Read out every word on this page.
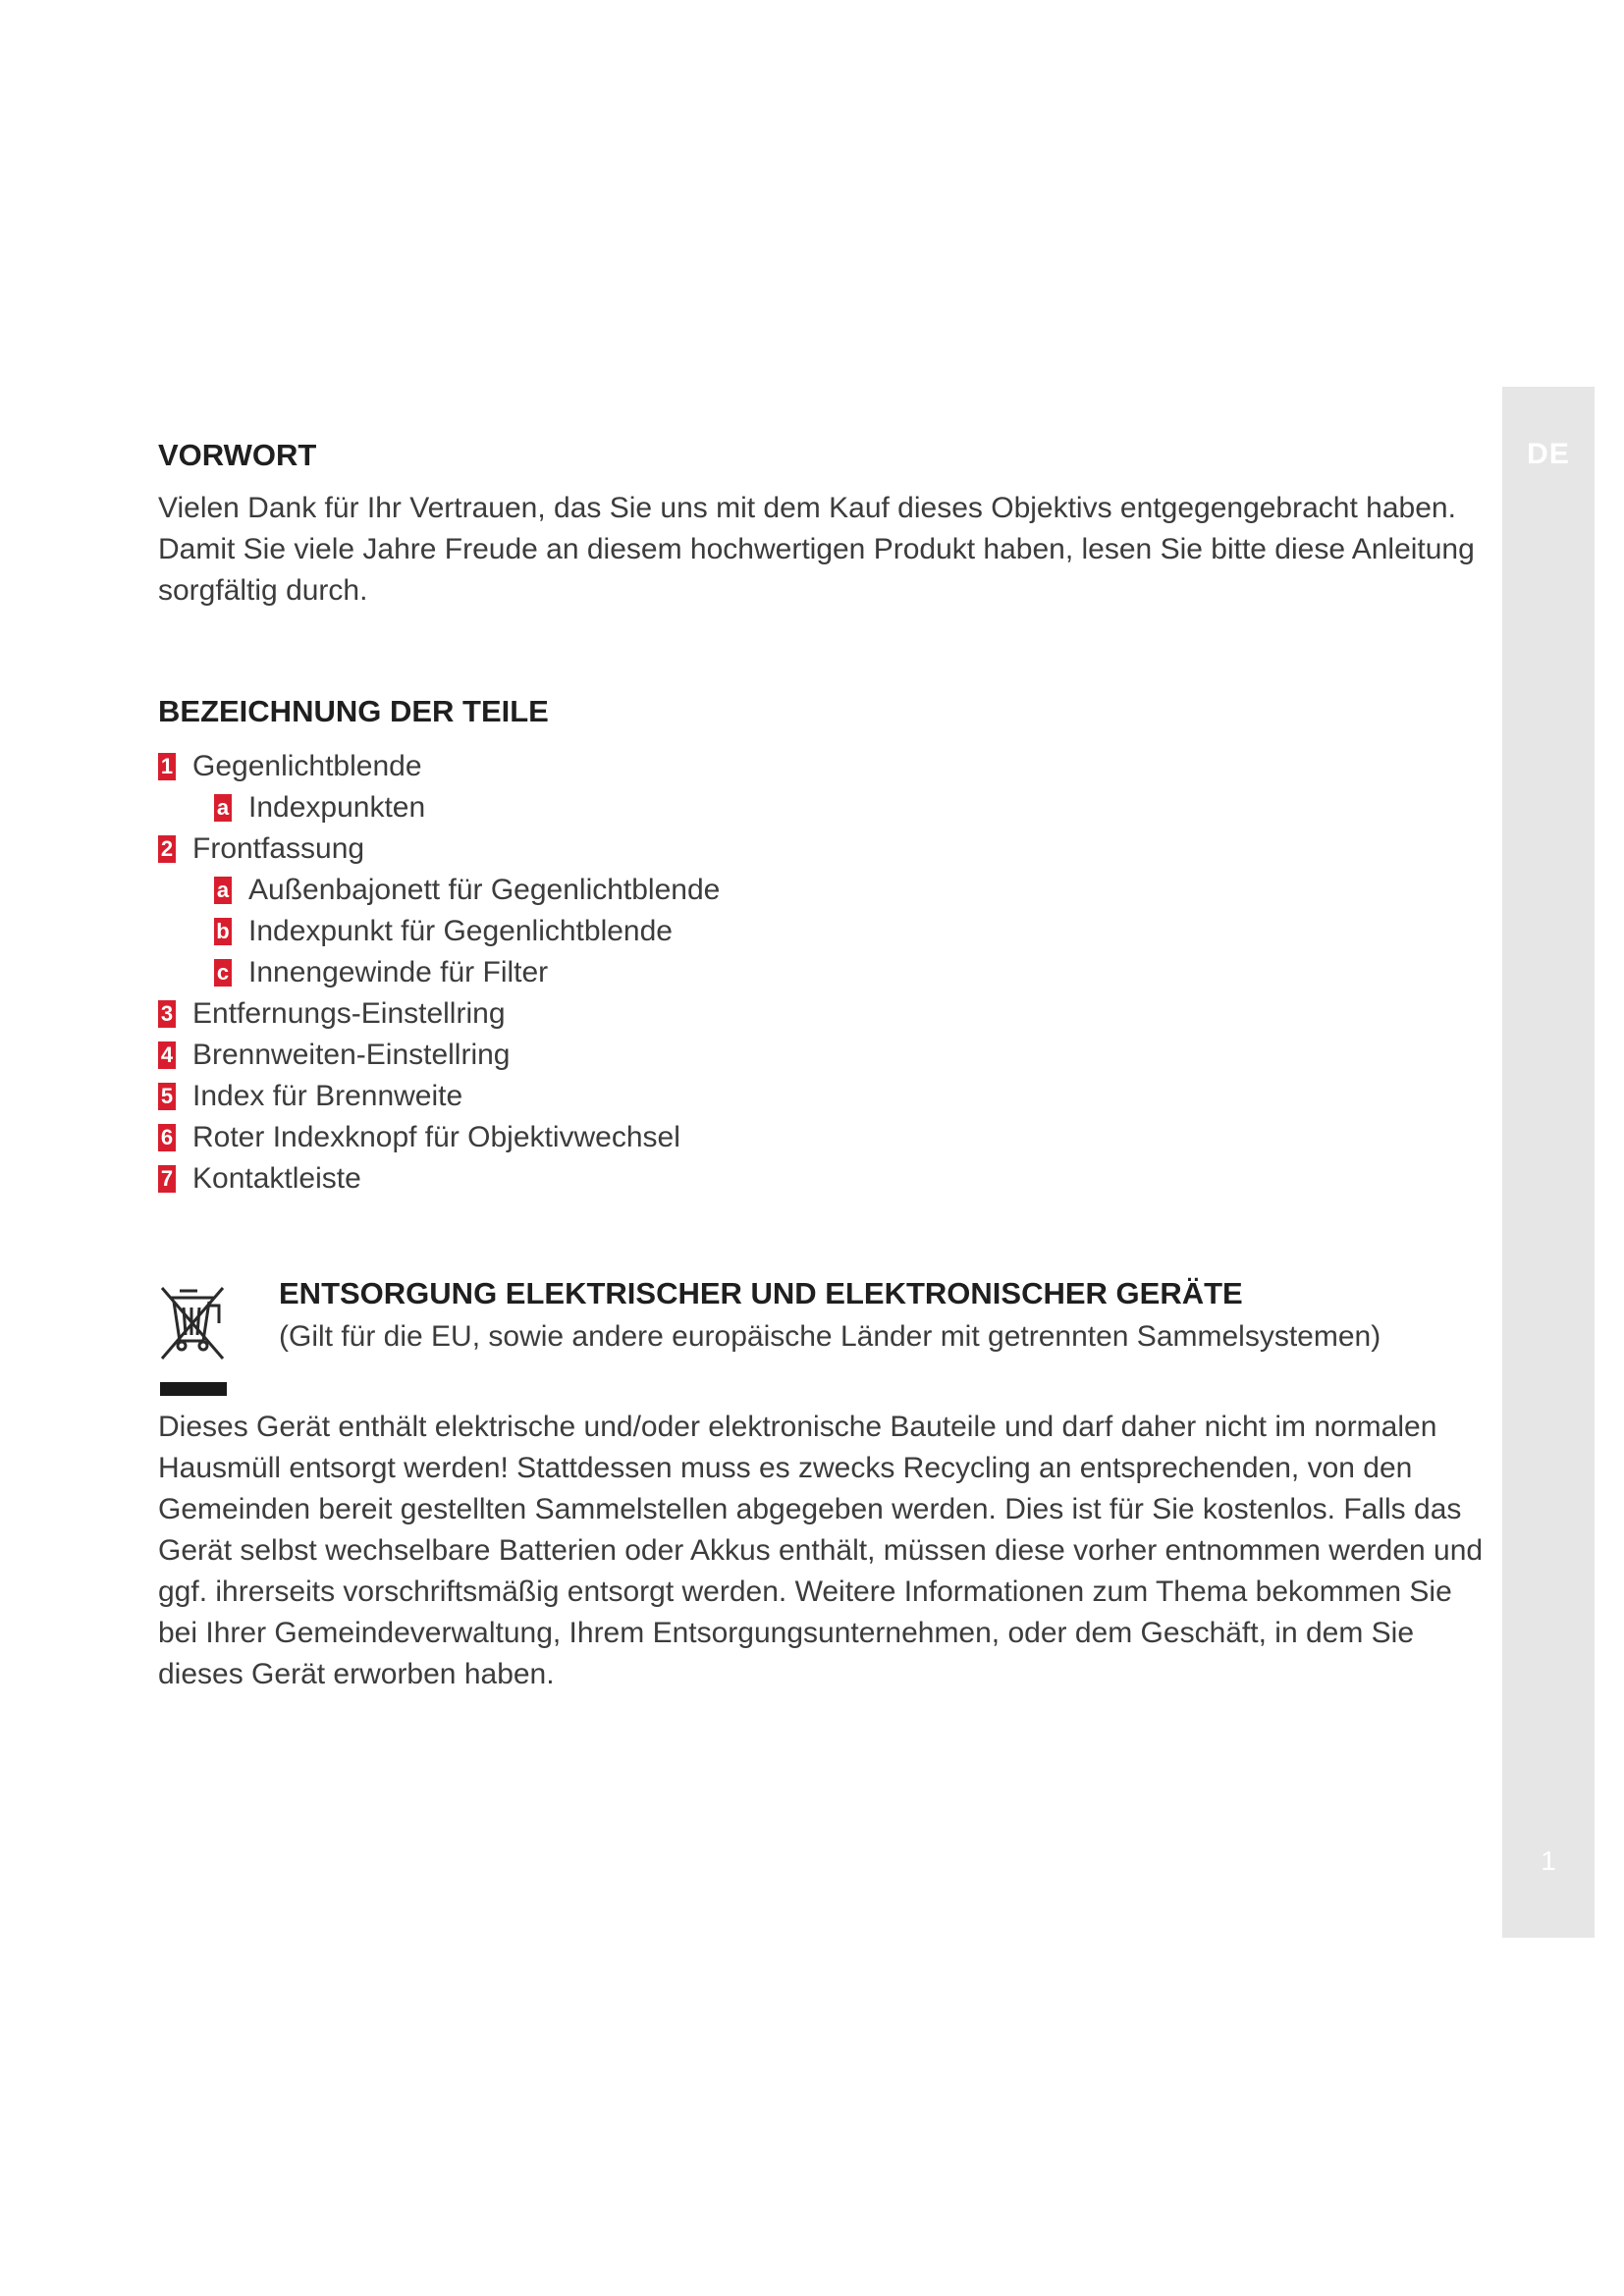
DE
1
VORWORT
Vielen Dank für Ihr Vertrauen, das Sie uns mit dem Kauf dieses Objektivs entgegengebracht haben.
Damit Sie viele Jahre Freude an diesem hochwertigen Produkt haben, lesen Sie bitte diese Anleitung
sorgfältig durch.
BEZEICHNUNG DER TEILE
1 Gegenlichtblende
a Indexpunkten
2 Frontfassung
a Außenbajonett für Gegenlichtblende
b Indexpunkt für Gegenlichtblende
c Innengewinde für Filter
3 Entfernungs-Einstellring
4 Brennweiten-Einstellring
5 Index für Brennweite
6 Roter Indexknopf für Objektivwechsel
7 Kontaktleiste
ENTSORGUNG ELEKTRISCHER UND ELEKTRONISCHER GERÄTE
(Gilt für die EU, sowie andere europäische Länder mit getrennten Sammelsystemen)
Dieses Gerät enthält elektrische und/oder elektronische Bauteile und darf daher nicht im normalen
Hausmüll entsorgt werden! Stattdessen muss es zwecks Recycling an entsprechenden, von den
Gemeinden bereit gestellten Sammelstellen abgegeben werden. Dies ist für Sie kostenlos. Falls das
Gerät selbst wechselbare Batterien oder Akkus enthält, müssen diese vorher entnommen werden und
ggf. ihrerseits vorschriftsmäßig entsorgt werden. Weitere Informationen zum Thema bekommen Sie
bei Ihrer Gemeindeverwaltung, Ihrem Entsorgungsunternehmen, oder dem Geschäft, in dem Sie
dieses Gerät erworben haben.
